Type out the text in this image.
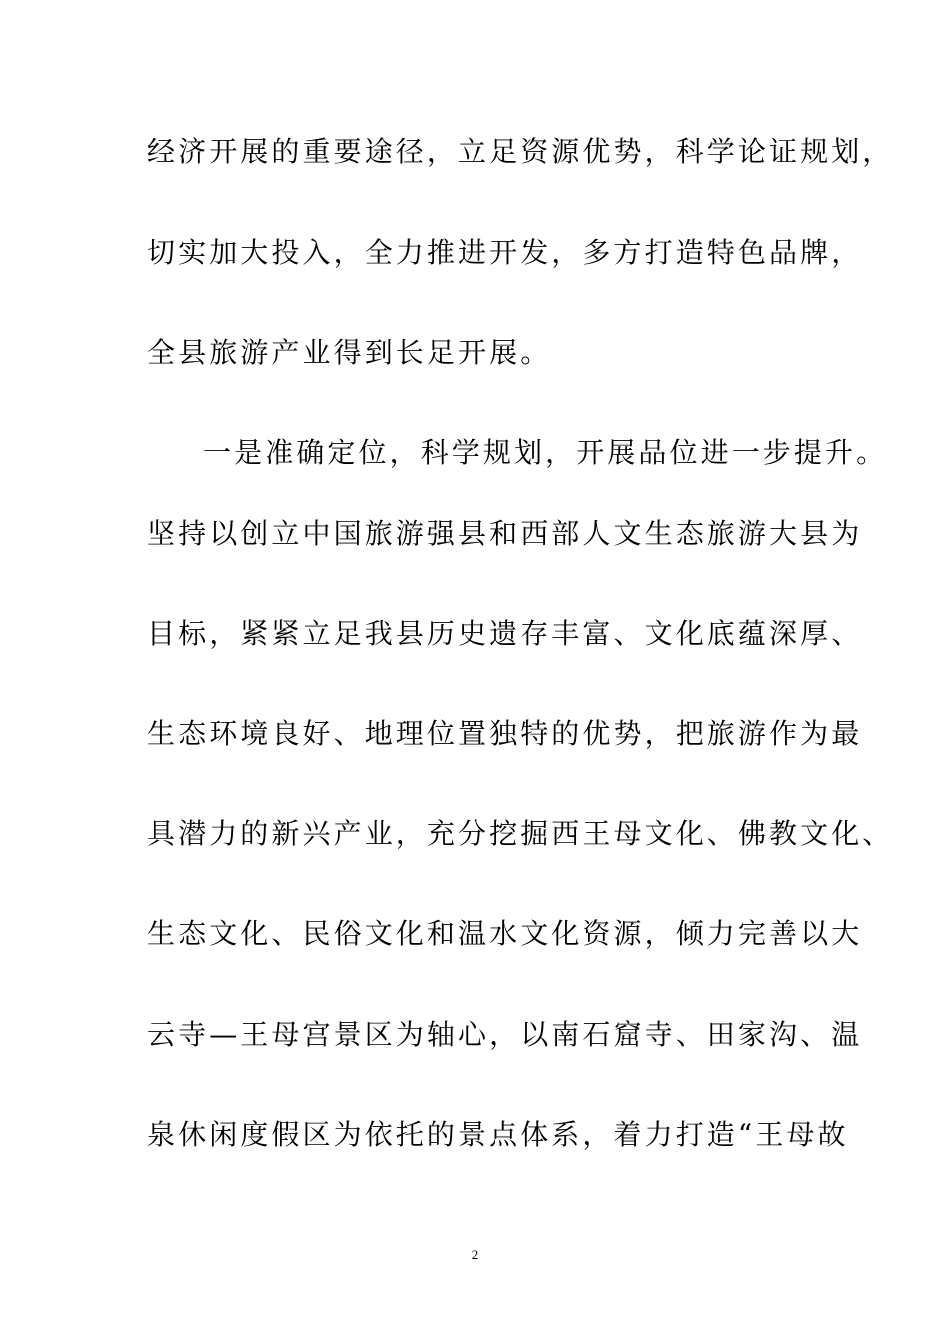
经济开展的重要途径，立足资源优势，科学论证规划，
切实加大投入，全力推进开发，多方打造特色品牌，
全县旅游产业得到长足开展。
一是准确定位，科学规划，开展品位进一步提升。
坚持以创立中国旅游强县和西部人文生态旅游大县为
目标，紧紧立足我县历史遗存丰富、文化底蕴深厚、
生态环境良好、地理位置独特的优势，把旅游作为最
具潜力的新兴产业，充分挖掘西王母文化、佛教文化、
生态文化、民俗文化和温水文化资源，倾力完善以大
云寺—王母宫景区为轴心，以南石窟寺、田家沟、温
泉休闲度假区为依托的景点体系，着力打造“王母故
2
